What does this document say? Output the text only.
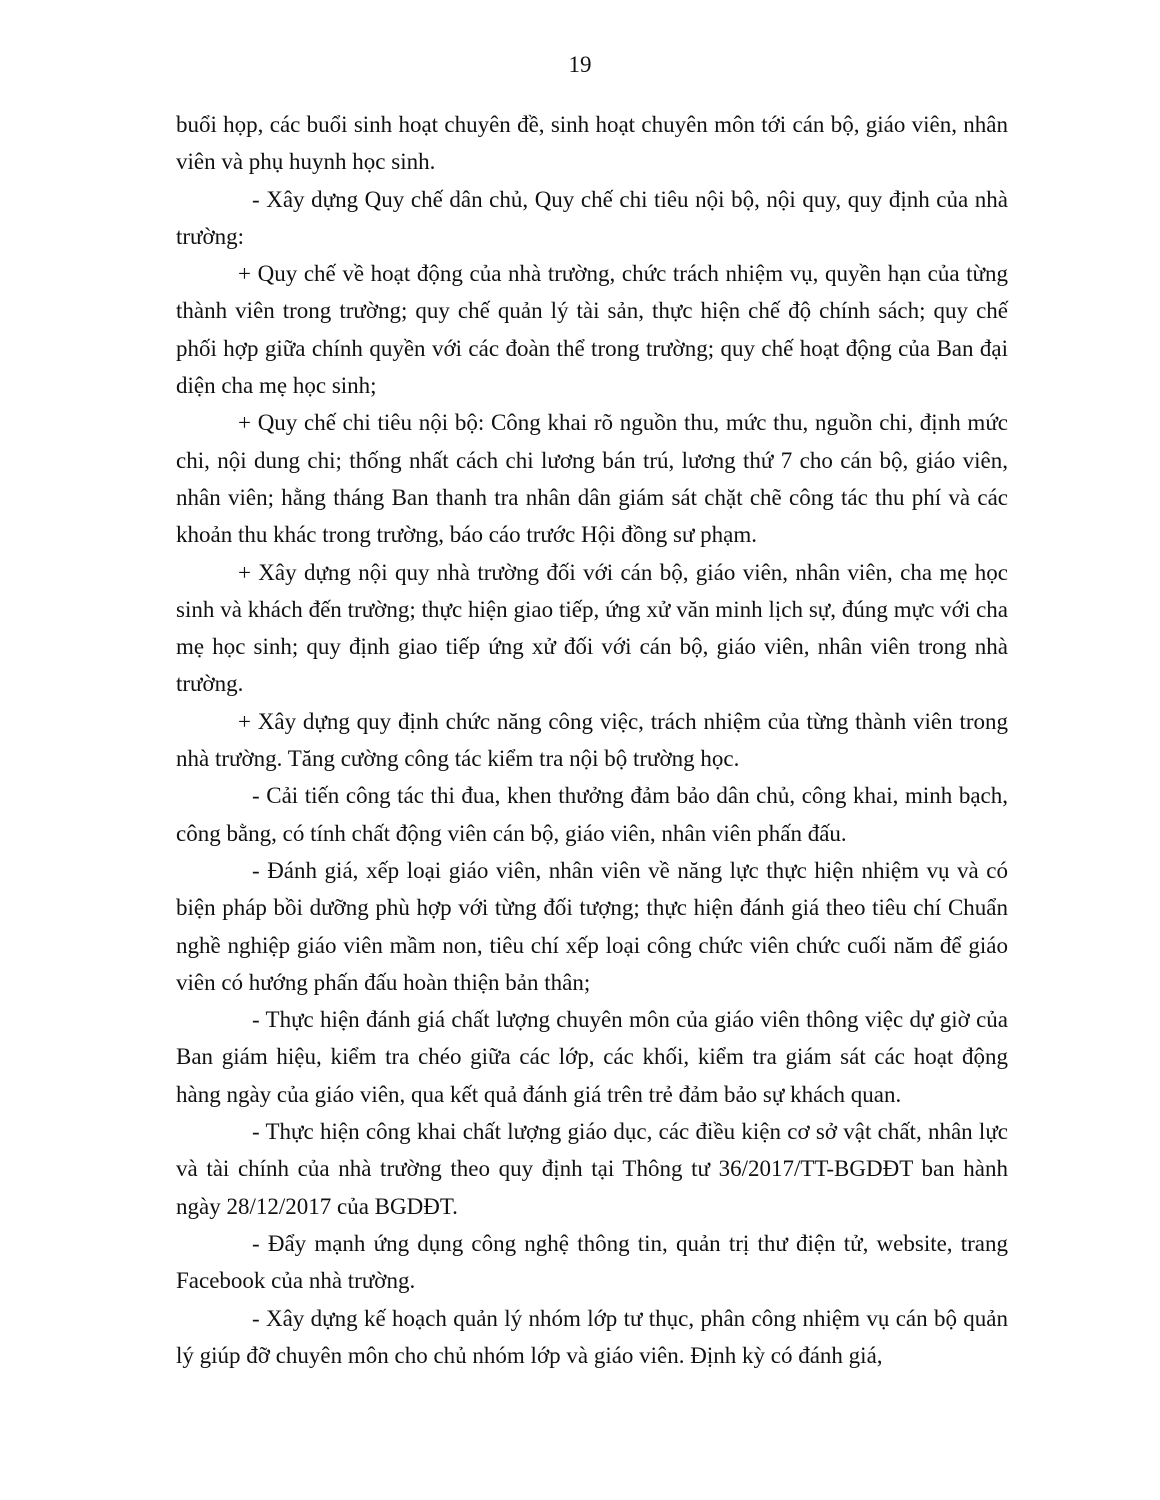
19

buổi họp, các buổi sinh hoạt chuyên đề, sinh hoạt chuyên môn tới cán bộ, giáo viên, nhân viên và phụ huynh học sinh.

- Xây dựng Quy chế dân chủ, Quy chế chi tiêu nội bộ, nội quy, quy định của nhà trường:

+ Quy chế về hoạt động của nhà trường, chức trách nhiệm vụ, quyền hạn của từng thành viên trong trường; quy chế quản lý tài sản, thực hiện chế độ chính sách; quy chế phối hợp giữa chính quyền với các đoàn thể trong trường; quy chế hoạt động của Ban đại diện cha mẹ học sinh;

+ Quy chế chi tiêu nội bộ: Công khai rõ nguồn thu, mức thu, nguồn chi, định mức chi, nội dung chi; thống nhất cách chi lương bán trú, lương thứ 7 cho cán bộ, giáo viên, nhân viên; hằng tháng Ban thanh tra nhân dân giám sát chặt chẽ công tác thu phí và các khoản thu khác trong trường, báo cáo trước Hội đồng sư phạm.

+ Xây dựng nội quy nhà trường đối với cán bộ, giáo viên, nhân viên, cha mẹ học sinh và khách đến trường; thực hiện giao tiếp, ứng xử văn minh lịch sự, đúng mực với cha mẹ học sinh; quy định giao tiếp ứng xử đối với cán bộ, giáo viên, nhân viên trong nhà trường.

+ Xây dựng quy định chức năng công việc, trách nhiệm của từng thành viên trong nhà trường. Tăng cường công tác kiểm tra nội bộ trường học.

- Cải tiến công tác thi đua, khen thưởng đảm bảo dân chủ, công khai, minh bạch, công bằng, có tính chất động viên cán bộ, giáo viên, nhân viên phấn đấu.

- Đánh giá, xếp loại giáo viên, nhân viên về năng lực thực hiện nhiệm vụ và có biện pháp bồi dưỡng phù hợp với từng đối tượng; thực hiện đánh giá theo tiêu chí Chuẩn nghề nghiệp giáo viên mầm non, tiêu chí xếp loại công chức viên chức cuối năm để giáo viên có hướng phấn đấu hoàn thiện bản thân;

- Thực hiện đánh giá chất lượng chuyên môn của giáo viên thông việc dự giờ của Ban giám hiệu, kiểm tra chéo giữa các lớp, các khối, kiểm tra giám sát các hoạt động hàng ngày của giáo viên, qua kết quả đánh giá trên trẻ đảm bảo sự khách quan.

- Thực hiện công khai chất lượng giáo dục, các điều kiện cơ sở vật chất, nhân lực và tài chính của nhà trường theo quy định tại Thông tư 36/2017/TT-BGDĐT ban hành ngày 28/12/2017 của BGDĐT.

- Đẩy mạnh ứng dụng công nghệ thông tin, quản trị thư điện tử, website, trang Facebook của nhà trường.

- Xây dựng kế hoạch quản lý nhóm lớp tư thục, phân công nhiệm vụ cán bộ quản lý giúp đỡ chuyên môn cho chủ nhóm lớp và giáo viên. Định kỳ có đánh giá,
